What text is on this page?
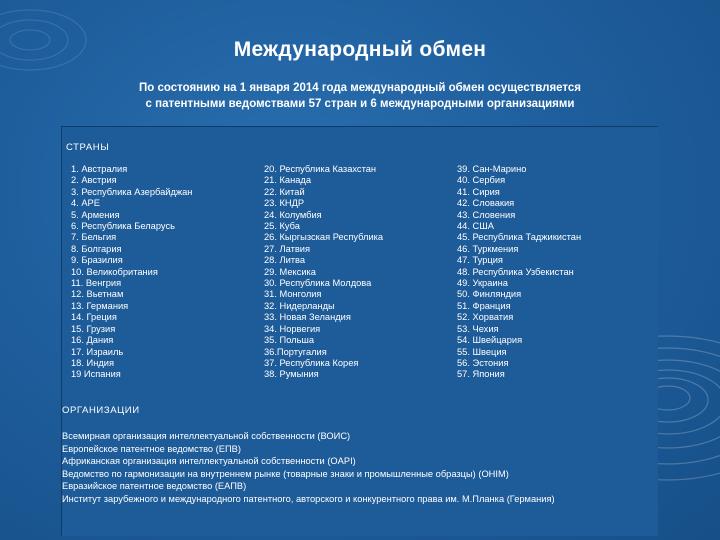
Международный обмен
По состоянию на 1 января 2014 года международный обмен осуществляется
с патентными ведомствами 57 стран и 6 международными организациями
СТРАНЫ
1. Австралия
2. Австрия
3. Республика Азербайджан
4. АРЕ
5. Армения
6. Республика Беларусь
7. Бельгия
8. Болгария
9. Бразилия
10. Великобритания
11. Венгрия
12. Вьетнам
13. Германия
14. Греция
15. Грузия
16. Дания
17. Израиль
18. Индия
19 Испания
20. Республика Казахстан
21. Канада
22. Китай
23. КНДР
24. Колумбия
25. Куба
26. Кыргызская Республика
27. Латвия
28. Литва
29. Мексика
30. Республика Молдова
31. Монголия
32. Нидерланды
33. Новая Зеландия
34. Норвегия
35. Польша
36.Португалия
37. Республика Корея
38. Румыния
39. Сан-Марино
40. Сербия
41. Сирия
42. Словакия
43. Словения
44. США
45. Республика Таджикистан
46. Туркмения
47. Турция
48. Республика Узбекистан
49. Украина
50. Финляндия
51. Франция
52. Хорватия
53. Чехия
54. Швейцария
55. Швеция
56. Эстония
57. Япония
ОРГАНИЗАЦИИ
Всемирная организация интеллектуальной собственности (ВОИС)
Европейское патентное ведомство (ЕПВ)
Африканская организация интеллектуальной собственности (OAPI)
Ведомство по гармонизации на внутреннем рынке (товарные знаки и промышленные образцы) (OHIM)
Евразийское патентное ведомство (ЕАПВ)
Институт зарубежного и международного патентного, авторского и конкурентного права им. М.Планка (Германия)
